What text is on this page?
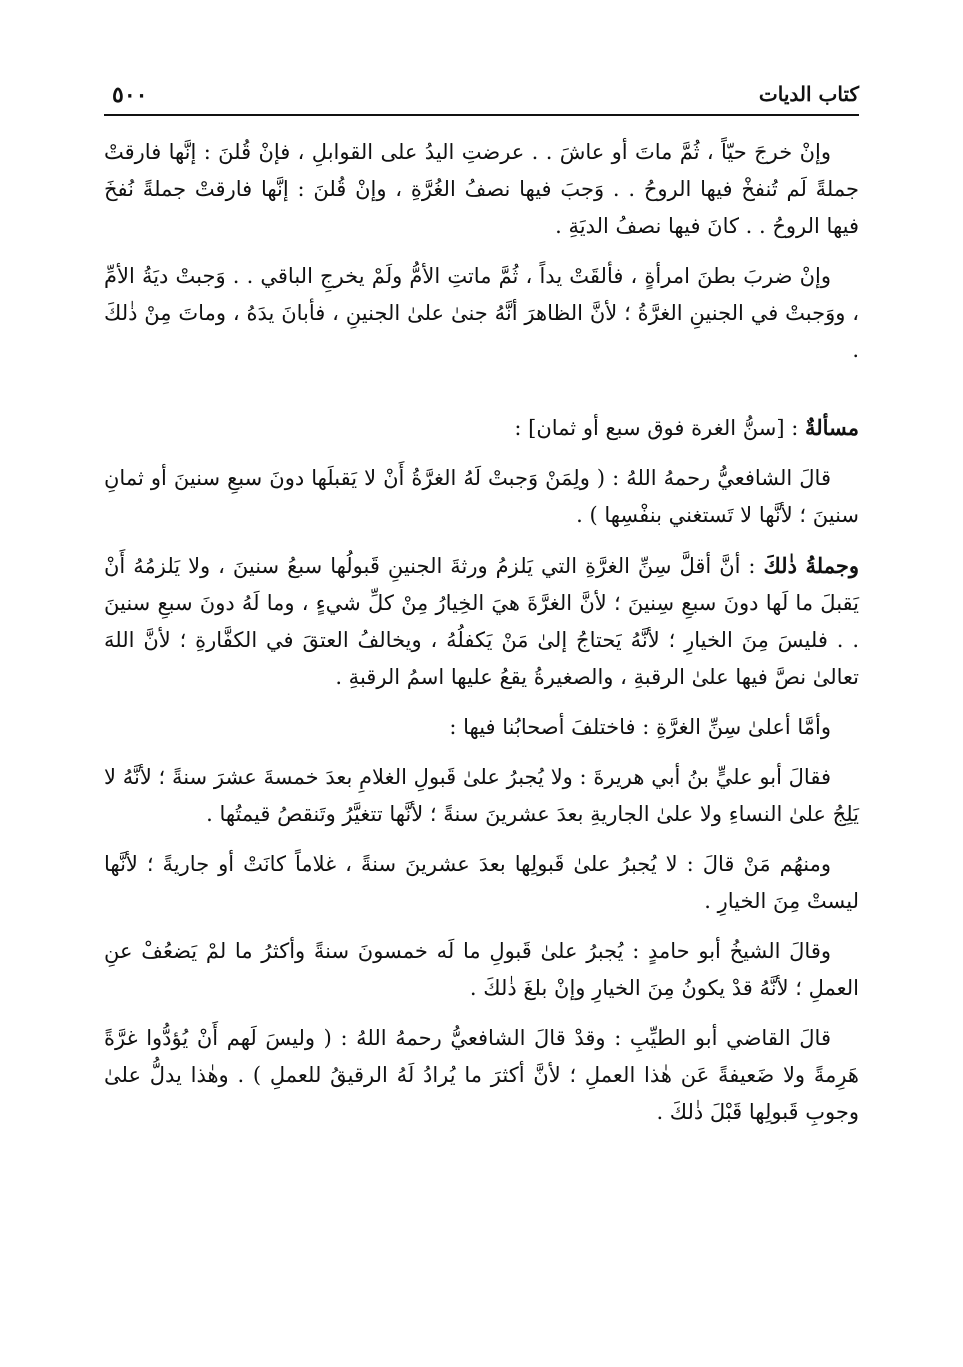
٥٠٠	كتاب الديات

وإنْ خرجَ حيّاً ، ثُمَّ ماتَ أو عاشَ . . عرضتِ اليدُ على القوابلِ ، فإنْ قُلنَ : إنَّها فارقتْ جملةً لَم تُنفخْ فيها الروحُ . . وَجبَ فيها نصفُ الغُرَّةِ ، وإنْ قُلنَ : إنَّها فارقتْ جملةً نُفخَ فيها الروحُ . . كانَ فيها نصفُ الديَةِ .

وإنْ ضربَ بطنَ امرأةٍ ، فألقَتْ يداً ، ثُمَّ ماتتِ الأمُّ ولَمْ يخرجِ الباقي . . وَجبتْ ديَةُ الأمِّ ، ووَجبتْ في الجنينِ الغرَّةُ ؛ لأنَّ الظاهرَ أنَّهُ جنىٰ علىٰ الجنينِ ، فأبانَ يدَهُ ، وماتَ مِنْ ذٰلكَ .

مسألةٌ : [سنُّ الغرة فوق سبع أو ثمان] :

قالَ الشافعيُّ رحمهُ اللهُ : ( ولِمَنْ وَجبتْ لَهُ الغرَّةُ أَنْ لا يَقبلَها دونَ سبعِ سنينَ أو ثمانِ سنينَ ؛ لأنَّها لا تَستغني بنفْسِها ) .

وجملةُ ذٰلكَ : أنَّ أقلَّ سِنِّ الغرَّةِ التي يَلزمُ ورثةَ الجنينِ قَبولُها سبعُ سنينَ ، ولا يَلزمُهُ أَنْ يَقبلَ ما لَها دونَ سبعِ سِنينَ ؛ لأنَّ الغرَّةَ هيَ الخِيارُ مِنْ كلِّ شيءٍ ، وما لَهُ دونَ سبعِ سنينَ . . فليسَ مِنَ الخيارِ ؛ لأنَّهُ يَحتاجُ إلىٰ مَنْ يَكفلُهُ ، ويخالفُ العتقَ في الكفَّارةِ ؛ لأنَّ اللهَ تعالىٰ نصَّ فيها علىٰ الرقبةِ ، والصغيرةُ يقعُ عليها اسمُ الرقبةِ .

وأمَّا أعلىٰ سِنِّ الغرَّةِ : فاختلفَ أصحابُنا فيها :

فقالَ أبو عليٍّ بنُ أبي هريرةَ : ولا يُجبرُ علىٰ قَبولِ الغلامِ بعدَ خمسةَ عشرَ سنةً ؛ لأنَّهُ لا يَلِجُ علىٰ النساءِ ولا علىٰ الجاريةِ بعدَ عشرينَ سنةً ؛ لأنَّها تتغيَّرُ وتَنقصُ قيمتُها .

ومنهُم مَنْ قالَ : لا يُجبرُ علىٰ قَبولِها بعدَ عشرينَ سنةً ، غلاماً كانَتْ أو جاريةً ؛ لأنَّها ليستْ مِنَ الخيارِ .

وقالَ الشيخُ أبو حامدٍ : يُجبرُ علىٰ قَبولِ ما لَه خمسونَ سنةً وأكثرُ ما لمْ يَضعُفْ عنِ العملِ ؛ لأنَّهُ قدْ يكونُ مِنَ الخيارِ وإنْ بلغَ ذٰلكَ .

قالَ القاضي أبو الطيِّبِ : وقدْ قالَ الشافعيُّ رحمهُ اللهُ : ( وليسَ لَهم أَنْ يُؤدُّوا غرَّةً هَرِمةً ولا ضَعيفةً عَن هٰذا العملِ ؛ لأنَّ أكثرَ ما يُرادُ لَهُ الرقيقُ للعملِ ) . وهٰذا يدلُّ علىٰ وجوبِ قَبولِها قَبْلَ ذٰلكَ .
